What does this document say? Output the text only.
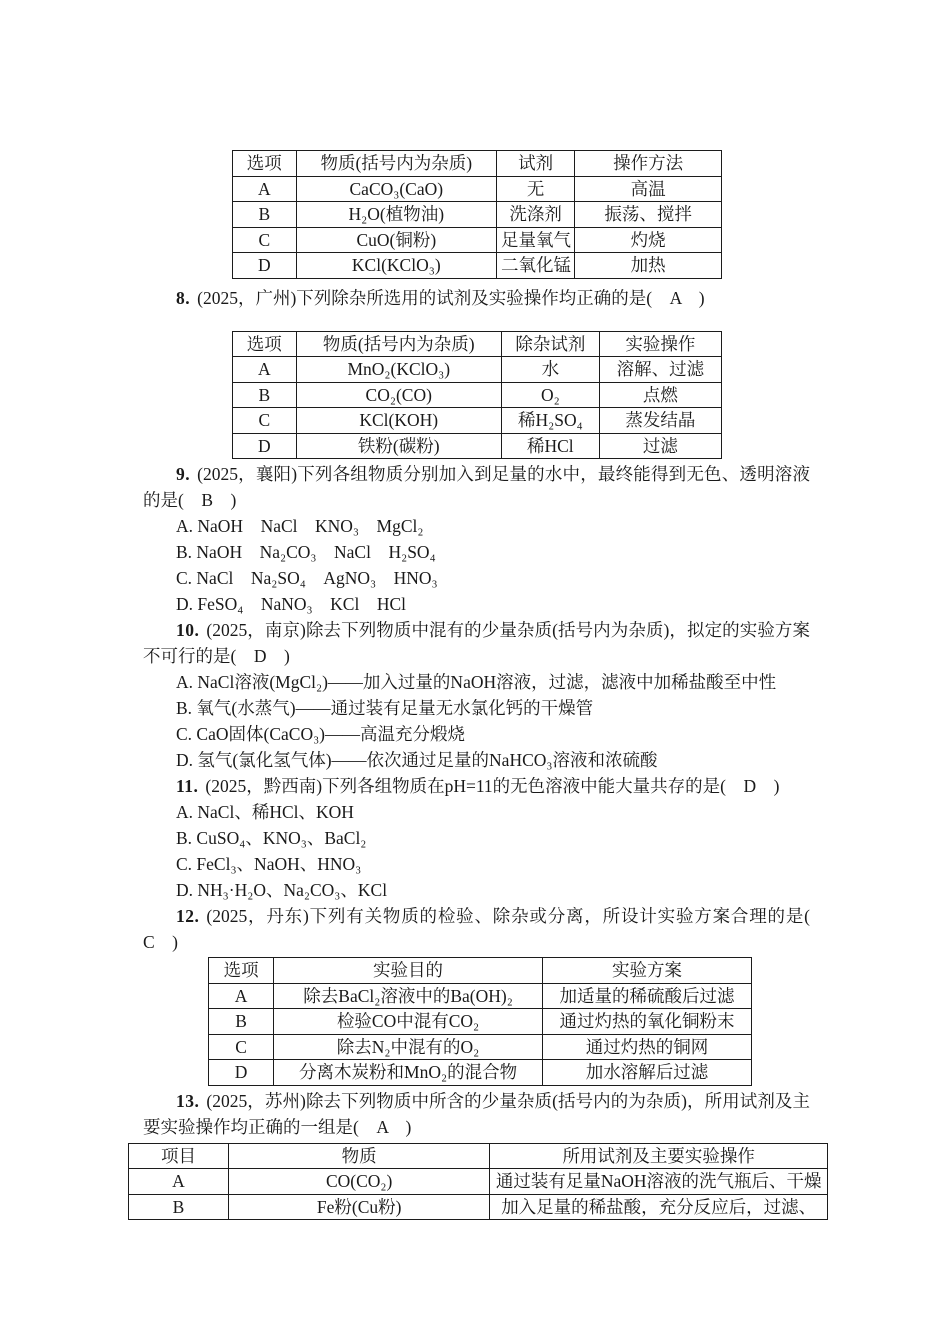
选项	物质(括号内为杂质)	试剂	操作方法
A	CaCO₃(CaO)	无	高温
B	H₂O(植物油)	洗涤剂	振荡、搅拌
C	CuO(铜粉)	足量氧气	灼烧
D	KCl(KClO₃)	二氧化锰	加热

8. (2025，广州)下列除杂所选用的试剂及实验操作均正确的是(　A　)

选项	物质(括号内为杂质)	除杂试剂	实验操作
A	MnO₂(KClO₃)	水	溶解、过滤
B	CO₂(CO)	O₂	点燃
C	KCl(KOH)	稀H₂SO₄	蒸发结晶
D	铁粉(碳粉)	稀HCl	过滤

9. (2025，襄阳)下列各组物质分别加入到足量的水中，最终能得到无色、透明溶液的是(　B　)

A. NaOH　NaCl　KNO₃　MgCl₂

B. NaOH　Na₂CO₃　NaCl　H₂SO₄

C. NaCl　Na₂SO₄　AgNO₃　HNO₃

D. FeSO₄　NaNO₃　KCl　HCl

10. (2025，南京)除去下列物质中混有的少量杂质(括号内为杂质)，拟定的实验方案不可行的是(　D　)

A. NaCl溶液(MgCl₂)——加入过量的NaOH溶液，过滤，滤液中加稀盐酸至中性

B. 氧气(水蒸气)——通过装有足量无水氯化钙的干燥管

C. CaO固体(CaCO₃)——高温充分煅烧

D. 氢气(氯化氢气体)——依次通过足量的NaHCO₃溶液和浓硫酸

11. (2025，黔西南)下列各组物质在pH=11的无色溶液中能大量共存的是(　D　)

A. NaCl、稀HCl、KOH

B. CuSO₄、KNO₃、BaCl₂

C. FeCl₃、NaOH、HNO₃

D. NH₃·H₂O、Na₂CO₃、KCl

12. (2025，丹东)下列有关物质的检验、除杂或分离，所设计实验方案合理的是(　C　)

选项	实验目的	实验方案
A	除去BaCl₂溶液中的Ba(OH)₂	加适量的稀硫酸后过滤
B	检验CO中混有CO₂	通过灼热的氧化铜粉末
C	除去N₂中混有的O₂	通过灼热的铜网
D	分离木炭粉和MnO₂的混合物	加水溶解后过滤

13. (2025，苏州)除去下列物质中所含的少量杂质(括号内的为杂质)，所用试剂及主要实验操作均正确的一组是(　A　)

项目	物质	所用试剂及主要实验操作
A	CO(CO₂)	通过装有足量NaOH溶液的洗气瓶后、干燥
B	Fe粉(Cu粉)	加入足量的稀盐酸，充分反应后，过滤、
